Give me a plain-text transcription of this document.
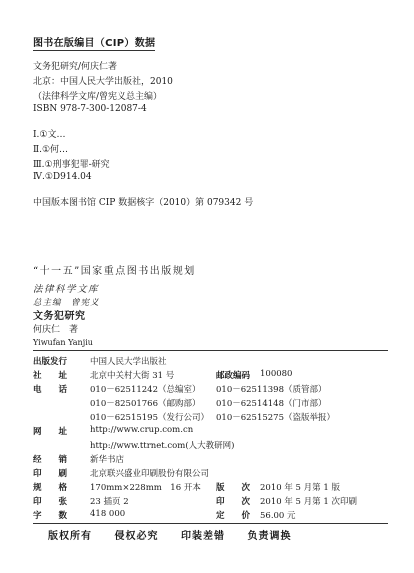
图书在版编目（CIP）数据
文务犯研究/何庆仁著
北京：中国人民大学出版社，2010
（法律科学文库/曾宪义总主编）
ISBN 978-7-300-12087-4
Ⅰ.①文…
Ⅱ.①何…
Ⅲ.①刑事犯罪-研究
Ⅳ.①D914.04
中国版本图书馆 CIP 数据核字（2010）第 079342 号
“十一五”国家重点图书出版规划
法律科学文库
总主编　曾宪义
文务犯研究
何庆仁　著
Yiwufan Yanjiu
出版发行	中国人民大学出版社
社　　址	北京中关村大街 31 号	邮政编码 100080
电　　话	010－62511242（总编室） 010－62511398（质管部）
010－82501766（邮购部） 010－62514148（门市部）
010－62515195（发行公司） 010－62515275（盗版举报）
网　　址	http://www.crup.com.cn
http://www.ttrnet.com(人大教研网)
经　　销	新华书店
印　　刷	北京联兴盛业印刷股份有限公司
规　　格	170mm×228mm　16 开本 版　　次 2010 年 5 月第 1 版
印　　张	23 插页 2	印　　次 2010 年 5 月第 1 次印刷
字　　数	418 000	定　　价 56.00 元
版权所有 侵权必究 印装差错 负责调换
